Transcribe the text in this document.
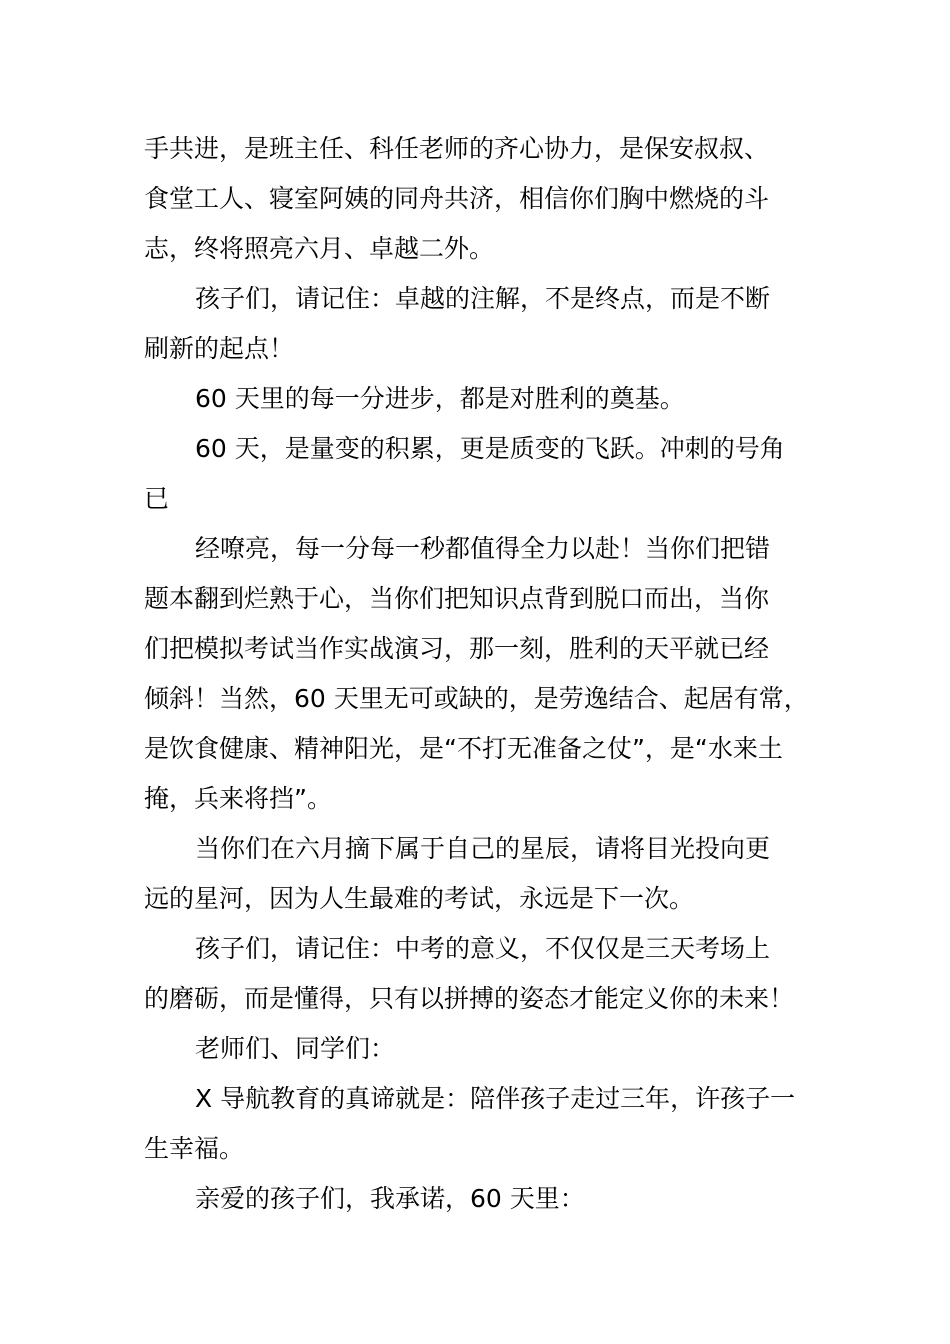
手共进，是班主任、科任老师的齐心协力，是保安叔叔、
食堂工人、寝室阿姨的同舟共济，相信你们胸中燃烧的斗
志，终将照亮六月、卓越二外。
孩子们，请记住：卓越的注解，不是终点，而是不断
刷新的起点！
60 天里的每一分进步，都是对胜利的奠基。
60 天，是量变的积累，更是质变的飞跃。冲刺的号角
已
经嘹亮，每一分每一秒都值得全力以赴！当你们把错
题本翻到烂熟于心，当你们把知识点背到脱口而出，当你
们把模拟考试当作实战演习，那一刻，胜利的天平就已经
倾斜！当然，60 天里无可或缺的，是劳逸结合、起居有常，
是饮食健康、精神阳光，是“不打无准备之仗”，是“水来土
掩，兵来将挡”。
当你们在六月摘下属于自己的星辰，请将目光投向更
远的星河，因为人生最难的考试，永远是下一次。
孩子们，请记住：中考的意义，不仅仅是三天考场上
的磨砺，而是懂得，只有以拼搏的姿态才能定义你的未来！
老师们、同学们：
X 导航教育的真谛就是：陪伴孩子走过三年，许孩子一
生幸福。
亲爱的孩子们，我承诺，60 天里：
